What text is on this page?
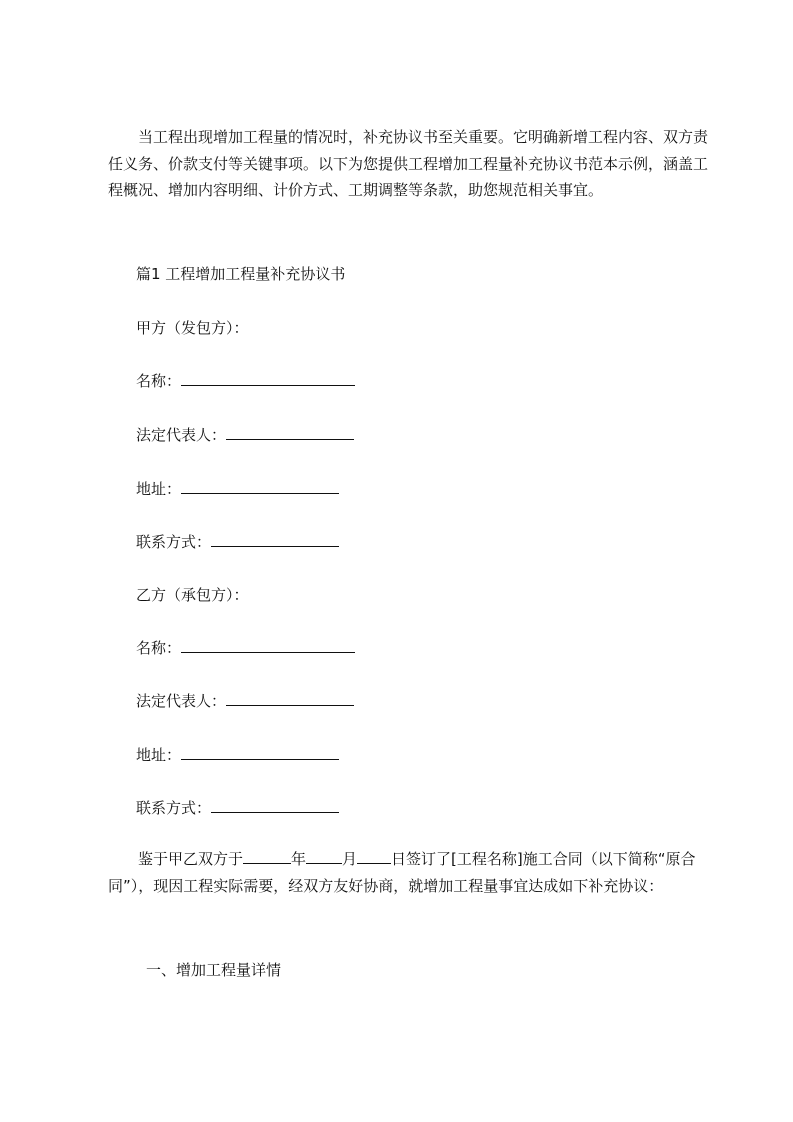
当工程出现增加工程量的情况时，补充协议书至关重要。它明确新增工程内容、双方责任义务、价款支付等关键事项。以下为您提供工程增加工程量补充协议书范本示例，涵盖工程概况、增加内容明细、计价方式、工期调整等条款，助您规范相关事宜。

篇1 工程增加工程量补充协议书

甲方（发包方）：

名称：

法定代表人：

地址：

联系方式：

乙方（承包方）：

名称：

法定代表人：

地址：

联系方式：

鉴于甲乙双方于	年 月 日签订了[工程名称]施工合同（以下简称“原合同”），现因工程实际需要，经双方友好协商，就增加工程量事宜达成如下补充协议：

一、增加工程量详情
